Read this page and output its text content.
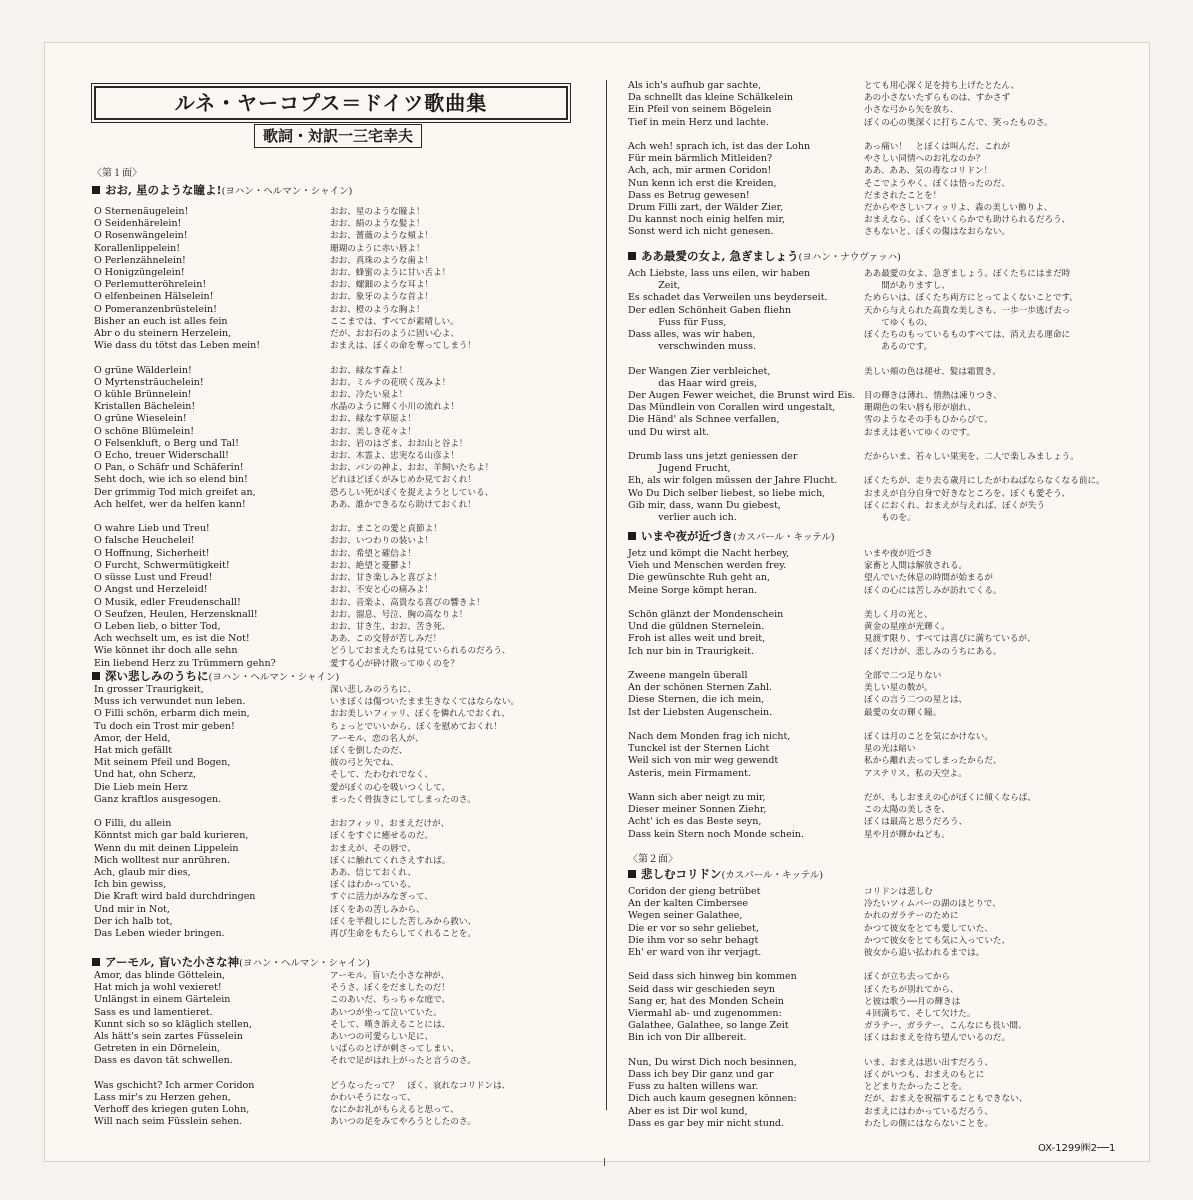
ルネ・ヤーコプス＝ドイツ歌曲集
歌詞・対訳一三宅幸夫
〈第１面〉
おお, 星のような瞳よ!(ヨハン・ヘルマン・シャイン)
O Sternenäugelein!
O Seidenhärelein!
O Rosenwängelein!
Korallenlippelein!
O Perlenzähnelein!
O Honigzüngelein!
O Perlemutteröhrelein!
O elfenbeinen Hälselein!
O Pomeranzenbrüstelein!
Bisher an euch ist alles fein
Abr o du steinern Herzelein,
Wie dass du tötst das Leben mein!

O grüne Wälderlein!
O Myrtensträuchelein!
O kühle Brünnelein!
Kristallen Bächelein!
O grüne Wieselein!
O schöne Blümelein!
O Felsenkluft, o Berg und Tal!
O Echo, treuer Widerschall!
O Pan, o Schäfr und Schäferin!
Seht doch, wie ich so elend bin!
Der grimmig Tod mich greifet an,
Ach helfet, wer da helfen kann!

O wahre Lieb und Treu!
O falsche Heuchelei!
O Hoffnung, Sicherheit!
O Furcht, Schwermütigkeit!
O süsse Lust und Freud!
O Angst und Herzeleid!
O Musik, edler Freudenschall!
O Seufzen, Heulen, Herzensknall!
O Leben lieb, o bitter Tod,
Ach wechselt um, es ist die Not!
Wie könnet ihr doch alle sehn
Ein liebend Herz zu Trümmern gehn?
おお、星のような瞳よ！
おお、絹のような髪よ！
おお、薔薇のような頬よ！
珊瑚のように赤い唇よ！
おお、真珠のような歯よ！
おお、蜂蜜のように甘い舌よ！
おお、螺鈿のような耳よ！
おお、象牙のような首よ！
おお、橙のような胸よ！
ここまでは、すべてが素晴しい。
だが、おお石のように固い心よ、
おまえは、ぼくの命を奪ってしまう！

おお、緑なす森よ！
おお、ミルテの花咲く茂みよ！
おお、冷たい泉よ！
水晶のように輝く小川の流れよ！
おお、緑なす草原よ！
おお、美しき花々よ！
おお、岩のはざま、おお山と谷よ！
おお、木霊よ、忠実なる山彦よ！
おお、パンの神よ、おお、羊飼いたちよ！
どれほどぼくがみじめか見ておくれ！
恐ろしい死がぼくを捉えようとしている、
ああ、誰かできるなら助けておくれ！

おお、まことの愛と貞節よ！
おお、いつわりの装いよ！
おお、希望と確信よ！
おお、絶望と憂鬱よ！
おお、甘き楽しみと喜びよ！
おお、不安と心の痛みよ！
おお、音楽よ、高貴なる喜びの響きよ！
おお、溜息、号泣、胸の高なりよ！
おお、甘き生、おお、苦き死、
ああ、この交替が苦しみだ！
どうしておまえたちは見ていられるのだろう、
愛する心が砕け散ってゆくのを？
深い悲しみのうちに(ヨハン・ヘルマン・シャイン)
In grosser Traurigkeit,
Muss ich verwundet nun leben.
O Filli schön, erbarm dich mein,
Tu doch ein Trost mir geben!
Amor, der Held,
Hat mich gefällt
Mit seinem Pfeil und Bogen,
Und hat, ohn Scherz,
Die Lieb mein Herz
Ganz kraftlos ausgesogen.

O Filli, du allein
Könntst mich gar bald kurieren,
Wenn du mit deinen Lippelein
Mich wolltest nur anrühren.
Ach, glaub mir dies,
Ich bin gewiss,
Die Kraft wird bald durchdringen
Und mir in Not,
Der ich halb tot,
Das Leben wieder bringen.
深い悲しみのうちに、
いまぼくは傷ついたまま生きなくてはならない。
おお美しいフィッリ、ぼくを憐れんでおくれ、
ちょっとでいいから、ぼくを慰めておくれ！
アーモル、恋の名人が、
ぼくを倒したのだ、
彼の弓と矢でね、
そして、たわむれでなく、
愛がぼくの心を吸いつくして、
まったく骨抜きにしてしまったのさ。

おおフィッリ、おまえだけが、
ぼくをすぐに癒せるのだ。
おまえが、その唇で、
ぼくに触れてくれさえすれば。
ああ、信じておくれ、
ぼくはわかっている、
すぐに活力がみなぎって、
ぼくをあの苦しみから、
ぼくを半殺しにした苦しみから救い、
再び生命をもたらしてくれることを。
アーモル, 盲いた小さな神(ヨハン・ヘルマン・シャイン)
Amor, das blinde Göttelein,
Hat mich ja wohl vexieret!
Unlängst in einem Gärtelein
Sass es und lamentieret.
Kunnt sich so so kläglich stellen,
Als hätt's sein zartes Füsselein
Getreten in ein Dörnelein,
Dass es davon tät schwellen.

Was gschicht? Ich armer Coridon
Lass mir's zu Herzen gehen,
Verhoff des kriegen guten Lohn,
Will nach seim Füsslein sehen.
アーモル、盲いた小さな神が、
そうさ、ぼくをだましたのだ！
このあいだ、ちっちゃな庭で、
あいつが坐って泣いていた。
そして、嘆き訴えることには、
あいつの可愛らしい足に、
いばらのとげが刺さってしまい、
それで足がはれ上がったと言うのさ。

どうなったって？　ぼく、哀れなコリドンは、
かわいそうになって、
なにかお礼がもらえると思って、
あいつの足をみてやろうとしたのさ。
Als ich's aufhub gar sachte,
Da schnellt das kleine Schälkelein
Ein Pfeil von seinem Bögelein
Tief in mein Herz und lachte.

Ach weh! sprach ich, ist das der Lohn
Für mein bärmlich Mitleiden?
Ach, ach, mir armen Coridon!
Nun kenn ich erst die Kreiden,
Dass es Betrug gewesen!
Drum Filli zart, der Wälder Zier,
Du kannst noch einig helfen mir,
Sonst werd ich nicht genesen.
とても用心深く足を持ち上げたとたん、
あの小さないたずらものは、すかさず
小さな弓から矢を放ち、
ぼくの心の奥深くに打ちこんで、笑ったものさ。

あっ痛い！　とぼくは叫んだ、これが
やさしい同情へのお礼なのか？
ああ、ああ、気の毒なコリドン！
そこでようやく、ぼくは悟ったのだ、
だまされたことを！
だからやさしいフィッリよ、森の美しい飾りよ、
おまえなら、ぼくをいくらかでも助けられるだろう、
さもないと、ぼくの傷はなおらない。
ああ最愛の女よ, 急ぎましょう(ヨハン・ナウヴァッハ)
Ach Liebste, lass uns eilen, wir haben
Zeit,
Es schadet das Verweilen uns beyderseit.
Der edlen Schönheit Gaben fliehn
Fuss für Fuss,
Dass alles, was wir haben,
verschwinden muss.

Der Wangen Zier verbleichet,
das Haar wird greis,
Der Augen Fewer weichet, die Brunst wird Eis.
Das Mündlein von Corallen wird ungestalt,
Die Händ' als Schnee verfallen,
und Du wirst alt.

Drumb lass uns jetzt geniessen der
Jugend Frucht,
Eh, als wir folgen müssen der Jahre Flucht.
Wo Du Dich selber liebest, so liebe mich,
Gib mir, dass, wann Du giebest,
verlier auch ich.
ああ最愛の女よ、急ぎましょう。ぼくたちにはまだ時
　　間がありますし、
ためらいは、ぼくたち両方にとってよくないことです。
天から与えられた高貴な美しさも、一歩一歩逃げ去っ
　　てゆくもの、
ぼくたちのもっているものすべては、消え去る運命に
　　あるのです。

美しい頬の色は褪せ、髪は霜置き、

目の輝きは薄れ、情熱は凍りつき、
珊瑚色の朱い唇も形が崩れ、
雪のようなその手もひからびて、
おまえは老いてゆくのです。

だからいま、若々しい果実を、二人で楽しみましょう。

ぼくたちが、走り去る歳月にしたがわねばならなくなる前に。
おまえが自分自身で好きなところを、ぼくも愛そう、
ぼくにおくれ、おまえが与えれば、ぼくが失う
　　ものを。
いまや夜が近づき(カスパール・キッテル)
Jetz und kömpt die Nacht herbey,
Vieh und Menschen werden frey.
Die gewünschte Ruh geht an,
Meine Sorge kömpt heran.

Schön glänzt der Mondenschein
Und die güldnen Sternelein.
Froh ist alles weit und breit,
Ich nur bin in Traurigkeit.

Zweene mangeln überall
An der schönen Sternen Zahl.
Diese Sternen, die ich mein,
Ist der Liebsten Augenschein.

Nach dem Monden frag ich nicht,
Tunckel ist der Sternen Licht
Weil sich von mir weg gewendt
Asteris, mein Firmament.

Wann sich aber neigt zu mir,
Dieser meiner Sonnen Ziehr,
Acht' ich es das Beste seyn,
Dass kein Stern noch Monde schein.
いまや夜が近づき
家畜と人間は解放される。
望んでいた休息の時間が始まるが
ぼくの心には苦しみが訪れてくる。

美しく月の光と、
黄金の星座が光輝く。
見渡す限り、すべては喜びに満ちているが、
ぼくだけが、悲しみのうちにある。

全部で二つ足りない
美しい星の数が。
ぼくの言う二つの星とは、
最愛の女の輝く瞳。

ぼくは月のことを気にかけない。
星の光は暗い
私から離れ去ってしまったからだ、
アステリス、私の天空よ。

だが、もしおまえの心がぼくに傾くならば、
この太陽の美しさを、
ぼくは最高と思うだろう、
星や月が輝かねども。
〈第２面〉
悲しむコリドン(カスパール・キッテル)
Coridon der gieng betrübet
An der kalten Cimbersee
Wegen seiner Galathee,
Die er vor so sehr geliebet,
Die ihm vor so sehr behagt
Eh' er ward von ihr verjagt.

Seid dass sich hinweg bin kommen
Seid dass wir geschieden seyn
Sang er, hat des Monden Schein
Viermahl ab- und zugenommen:
Galathee, Galathee, so lange Zeit
Bin ich von Dir allbereit.

Nun, Du wirst Dich noch besinnen,
Dass ich bey Dir ganz und gar
Fuss zu halten willens war.
Dich auch kaum gesegnen können:
Aber es ist Dir wol kund,
Dass es gar bey mir nicht stund.
コリドンは悲しむ
冷たいツィムバーの湖のほとりで、
かれのガラテーのために
かつて彼女をとても愛していた、
かつて彼女をとても気に入っていた、
彼女から追い払われるまでは。

ぼくが立ち去ってから
ぼくたちが別れてから、
と彼は歌う──月の輝きは
４回満ちて、そして欠けた。
ガラテー、ガラテー、こんなにも長い間、
ぼくはおまえを待ち望んでいるのだ。

いま、おまえは思い出すだろう、
ぼくがいつも、おまえのもとに
とどまりたかったことを。
だが、おまえを祝福することもできない、
おまえにはわかっているだろう、
わたしの側にはならないことを。
OX-1299㈱2──1
